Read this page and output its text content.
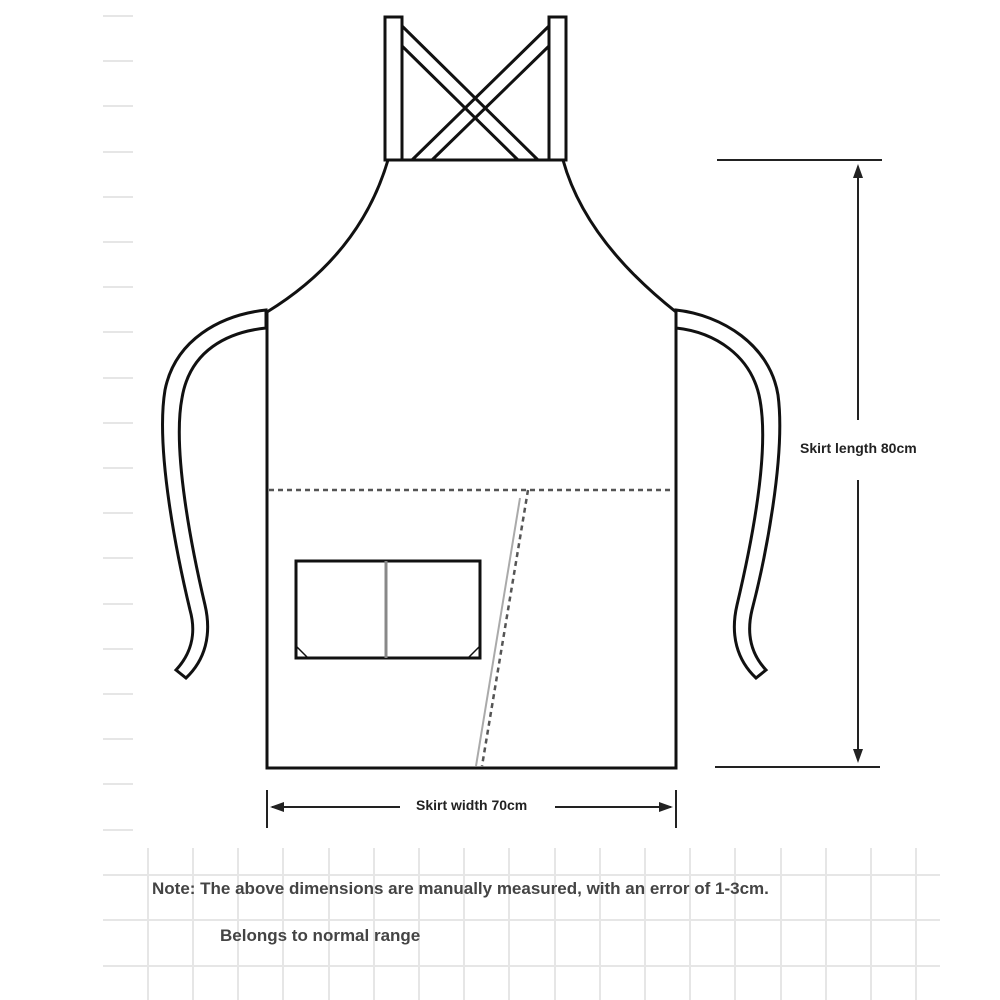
Skirt length 80cm
Skirt width 70cm
Note: The above dimensions are manually measured, with an error of 1-3cm.
Belongs to normal range
